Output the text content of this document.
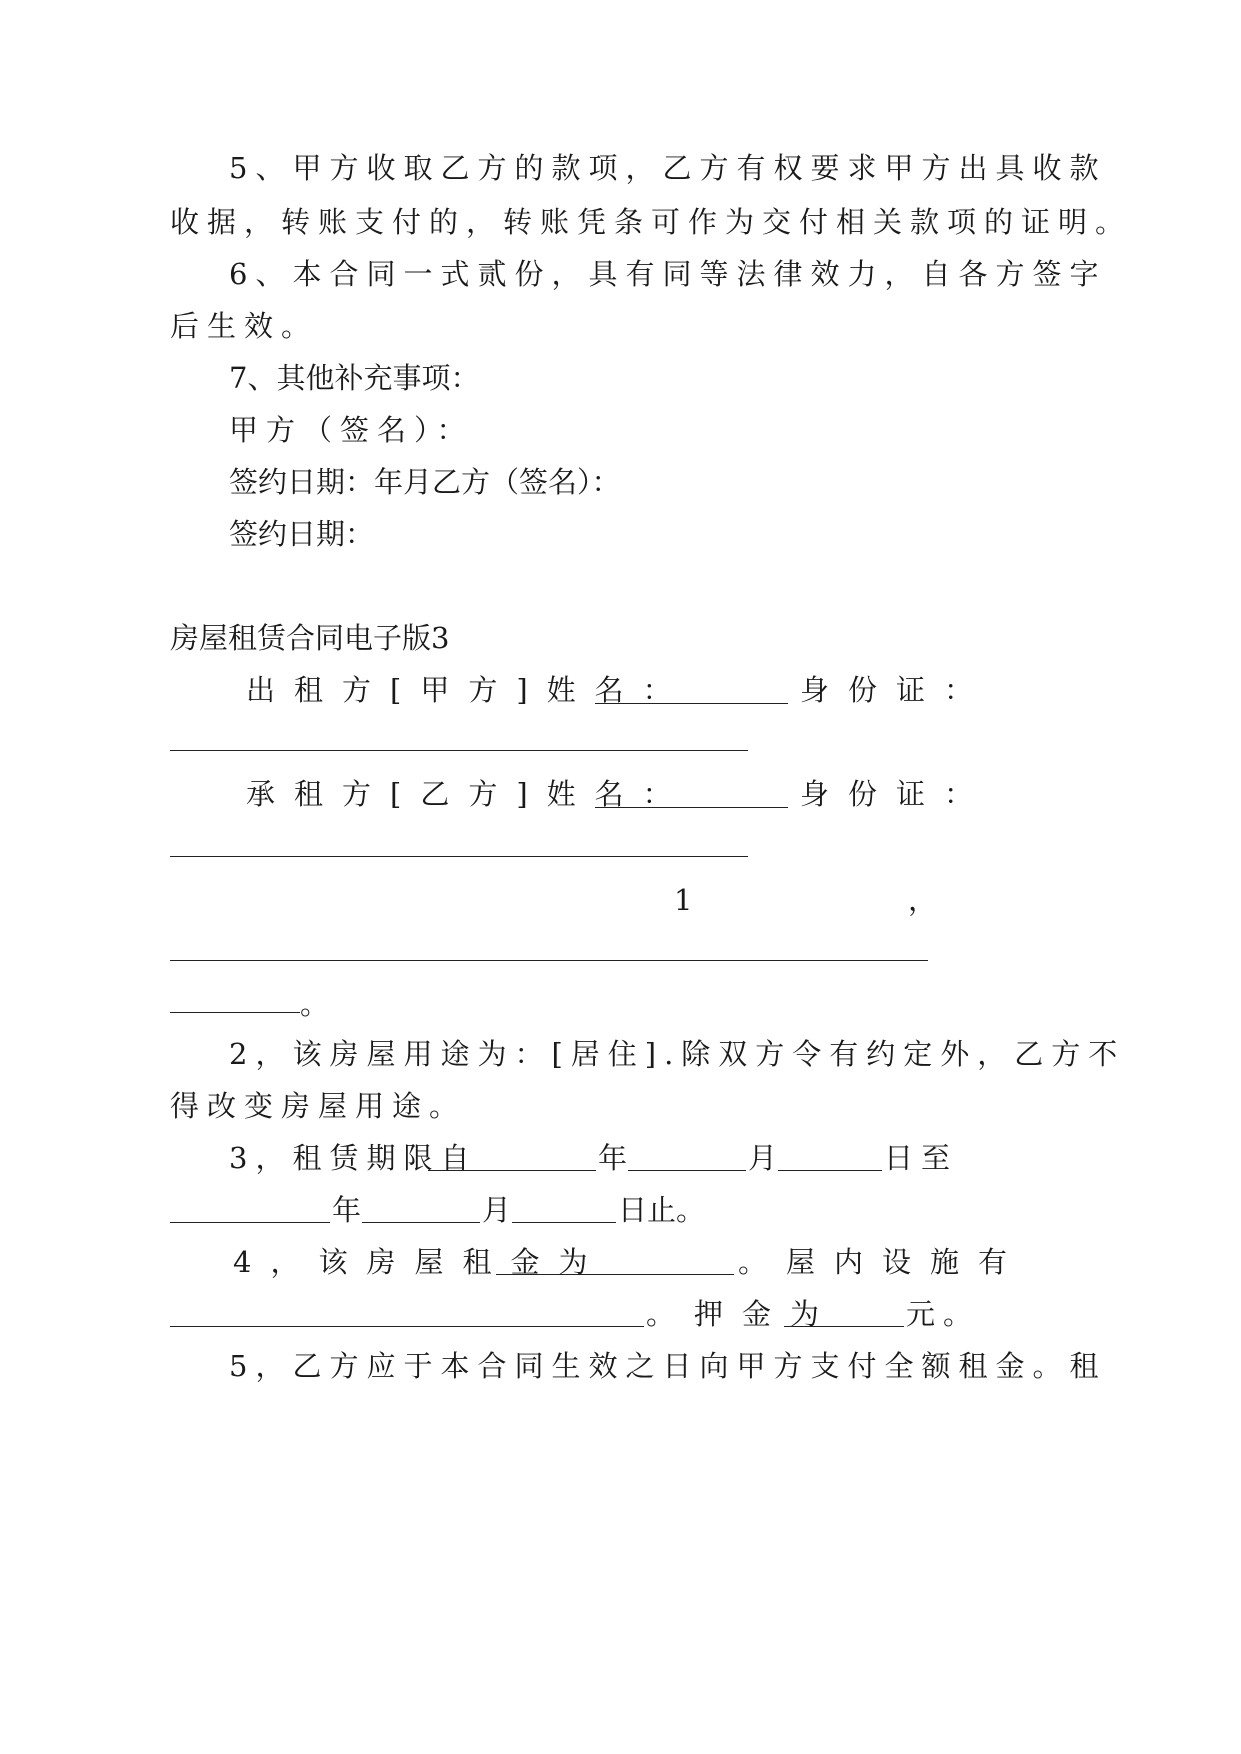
5、甲方收取乙方的款项，乙方有权要求甲方出具收款
收据，转账支付的，转账凭条可作为交付相关款项的证明。
6、本合同一式贰份，具有同等法律效力，自各方签字
后生效。
7、其他补充事项：
甲方（签名）：
签约日期：年月乙方（签名）：
签约日期：
房屋租赁合同电子版3
出租方[甲方]姓名：	身份证：
承租方[乙方]姓名：	身份证：
1	，
。
2，该房屋用途为：[居住].除双方令有约定外，乙方不
得改变房屋用途。
3，租赁期限自	年	月	日至
年	月	日止。
4，该房屋租金为	。屋内设施有
。押金为 元。
5，乙方应于本合同生效之日向甲方支付全额租金。租
